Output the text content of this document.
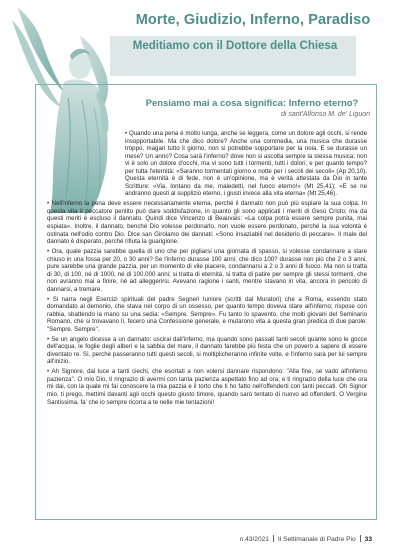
Morte, Giudizio, Inferno, Paradiso
Meditiamo con il Dottore della Chiesa
Pensiamo mai a cosa significa: Inferno eterno?
di sant'Alfonso M. de' Liguori

• Quando una pena è molto lunga, anche se leggera, come un dolore agli occhi, si rende insopportabile. Ma che dico dolore? Anche una commedia, una musica che durasse troppo, magari tutto il giorno, non si potrebbe sopportare per la noia. E se durasse un mese? Un anno? Cosa sarà l'inferno? dove non si ascolta sempre la stessa musica; non vi è solo un dolore d'occhi, ma vi sono tutti i tormenti, tutti i dolori; e per quanto tempo? per tutta l'eternità: «Saranno tormentati giorno e notte per i secoli dei secoli» (Ap 20,10). Questa eternità è di fede, non è un'opinione, ma è verità attestata da Dio in tante Scritture: «Via, lontano da me, maledetti, nel fuoco eterno!» (Mt 25,41); «E se ne andranno questi al supplizio eterno, i giusti invece alla vita eterna» (Mt 25,46).

• Nell'inferno la pena deve essere necessariamente eterna, perché il dannato non può più espiare la sua colpa. In questa vita il peccatore pentito può dare soddisfazione, in quanto gli sono applicati i meriti di Gesù Cristo; ma da questi meriti è escluso il dannato. Quindi dice Vincenzo di Beauvais: «La colpa potrà essere sempre punita, mai espiata». Inoltre, il dannato, benché Dio volesse perdonarlo, non vuole essere perdonato, perché la sua volontà è ostinata nell'odio contro Dio. Dice san Girolamo dei dannati: «Sono insaziabili nel desiderio di peccare». Il male del dannato è disperato, perché rifiuta la guarigione.

• Ora, quale pazzia sarebbe quella di uno che per pigliarsi una giornata di spasso, si volesse condannare a stare chiuso in una fossa per 20, o 30 anni? Se l'inferno durasse 100 anni; che dico 100? durasse non più che 2 o 3 anni, pure sarebbe una grande pazzia, per un momento di vile piacere, condannarsi a 2 o 3 anni di fuoco. Ma non si tratta di 30, di 100, né di 1000, né di 100.000 anni; si tratta di eternità, si tratta di patire per sempre gli stessi tormenti, che non avranno mai a finire, né ad alleggerirsi. Avevano ragione i santi, mentre stavano in vita, ancora in pericolo di dannarsi, a tremare.

• Si narra negli Esercizi spirituali del padre Segneri Iuniore (scritti dal Muratori) che a Roma, essendo stato domandato al demonio, che stava nel corpo di un ossesso, per quanto tempo doveva stare all'inferno; rispose con rabbia, sbattendo la mano su una sedia: «Sempre. Sempre». Fu tanto lo spavento, che molti giovani del Seminario Romano, che si trovavano lì, fecero una Confessione generale, e mutarono vita a questa gran predica di due parole: "Sempre. Sempre".

• Se un angelo dicesse a un dannato: uscirai dall'inferno, ma quando sono passati tanti secoli quante sono le gocce dell'acqua, le foglie degli alberi e la sabbia del mare, il dannato farebbe più festa che un povero a sapere di essere diventato re. Sì, perché passeranno tutti questi secoli, si moltiplicheranno infinite volte, e l'inferno sarà per lui sempre all'inizio.

• Ah Signore, dai luce a tanti ciechi, che esortati a non volersi dannare rispondono: "Alla fine, se vado all'inferno pazienza". O mio Dio, ti ringrazio di avermi con tanta pazienza aspettato fino ad ora; e ti ringrazio della luce che ora mi dai, con la quale mi fai conoscere la mia pazzia e il torto che ti ho fatto nell'offenderti con tanti peccati. Oh Signor mio, ti prego, mettimi davanti agli occhi questo giusto timore, quando sarò tentato di nuovo ad offenderti. O Vergine Santissima, fa' che io sempre ricorra a te nelle mie tentazioni!

n.43/2021 Il Settimanale di Padre Pio 33
